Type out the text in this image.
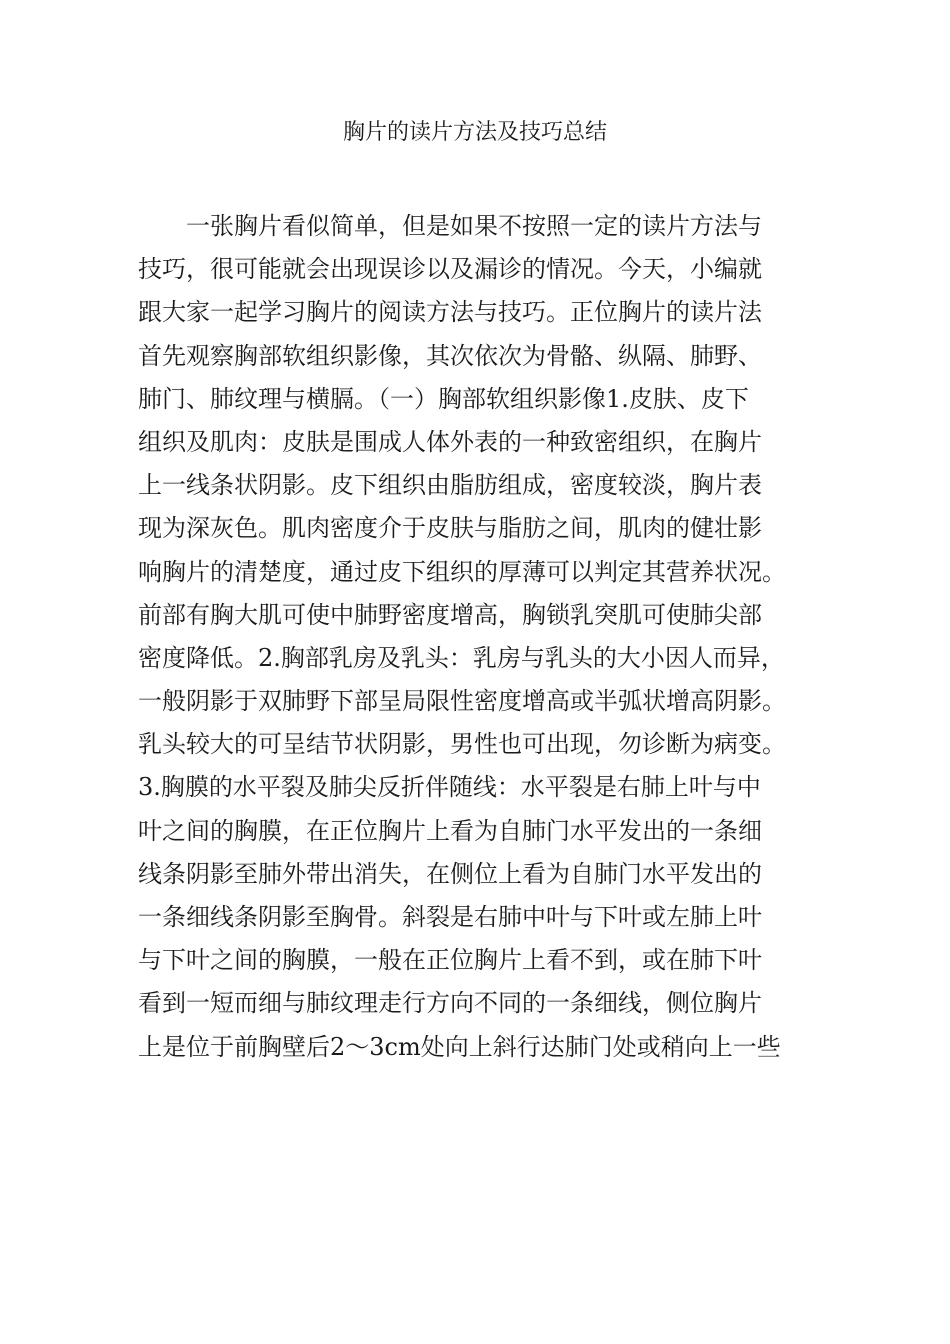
胸片的读片方法及技巧总结
一张胸片看似简单，但是如果不按照一定的读片方法与
技巧，很可能就会出现误诊以及漏诊的情况。今天，小编就
跟大家一起学习胸片的阅读方法与技巧。正位胸片的读片法
首先观察胸部软组织影像，其次依次为骨骼、纵隔、肺野、
肺门、肺纹理与横膈。（一）胸部软组织影像1.皮肤、皮下
组织及肌肉：皮肤是围成人体外表的一种致密组织，在胸片
上一线条状阴影。皮下组织由脂肪组成，密度较淡，胸片表
现为深灰色。肌肉密度介于皮肤与脂肪之间，肌肉的健壮影
响胸片的清楚度，通过皮下组织的厚薄可以判定其营养状况。
前部有胸大肌可使中肺野密度增高，胸锁乳突肌可使肺尖部
密度降低。2.胸部乳房及乳头：乳房与乳头的大小因人而异，
一般阴影于双肺野下部呈局限性密度增高或半弧状增高阴影。
乳头较大的可呈结节状阴影，男性也可出现，勿诊断为病变。
3.胸膜的水平裂及肺尖反折伴随线：水平裂是右肺上叶与中
叶之间的胸膜，在正位胸片上看为自肺门水平发出的一条细
线条阴影至肺外带出消失，在侧位上看为自肺门水平发出的
一条细线条阴影至胸骨。斜裂是右肺中叶与下叶或左肺上叶
与下叶之间的胸膜，一般在正位胸片上看不到，或在肺下叶
看到一短而细与肺纹理走行方向不同的一条细线，侧位胸片
上是位于前胸壁后2～3cm处向上斜行达肺门处或稍向上一些
